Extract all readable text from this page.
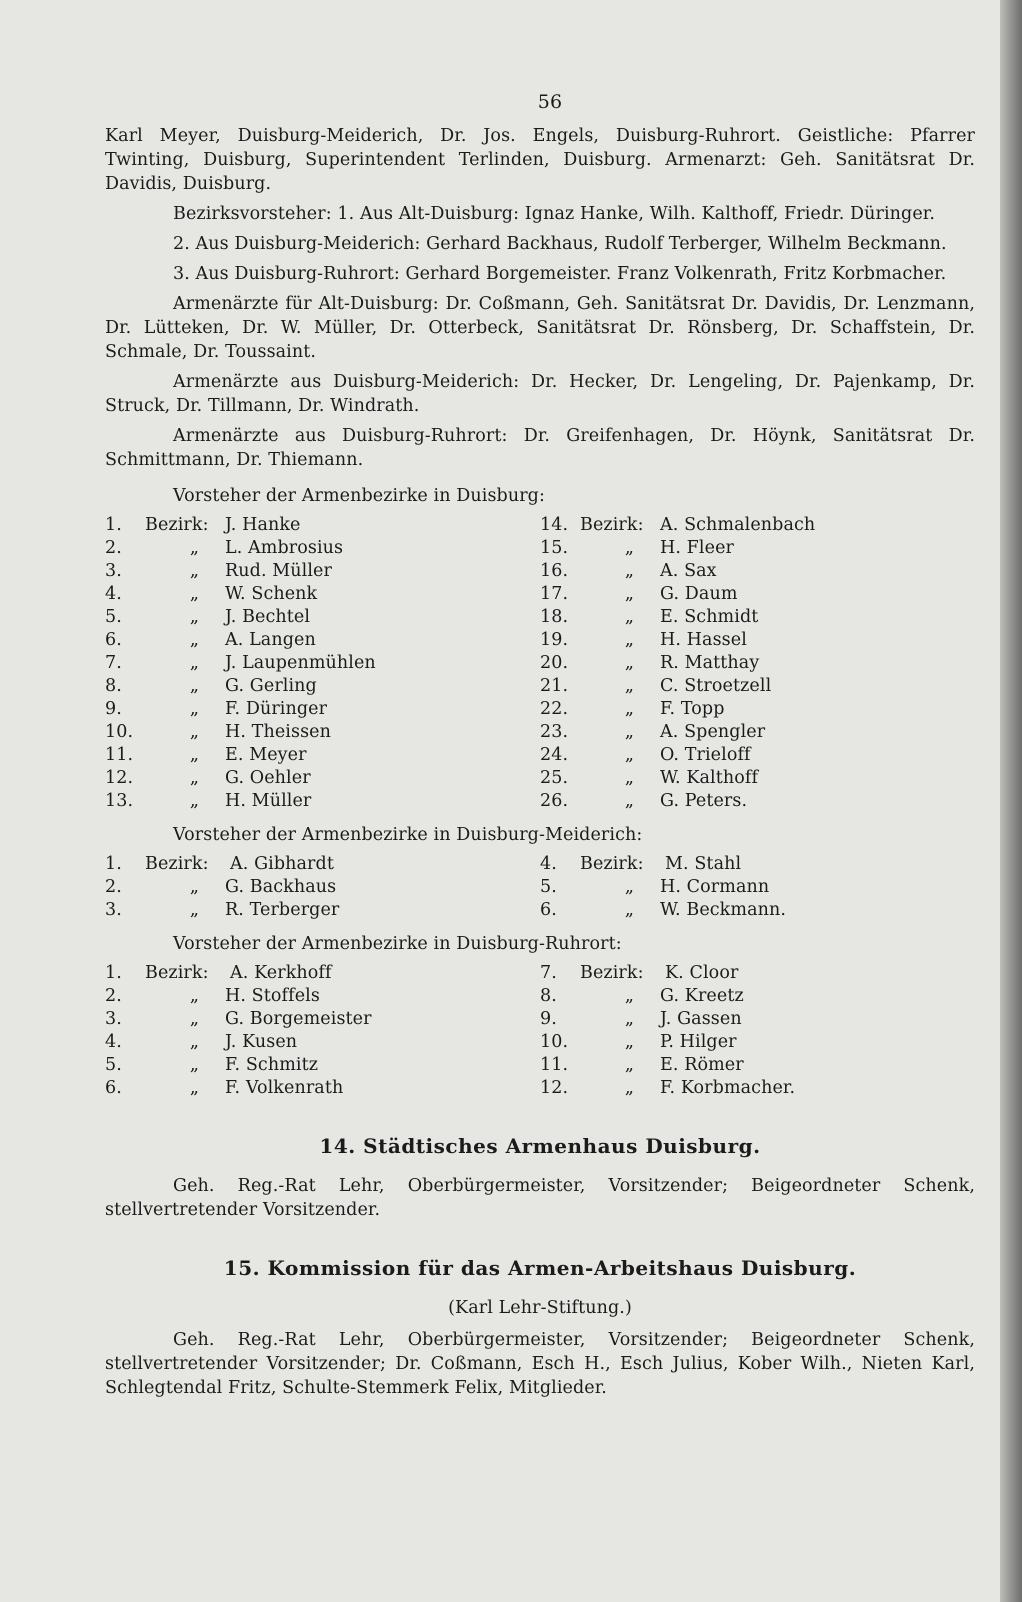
56

Karl Meyer, Duisburg-Meiderich, Dr. Jos. Engels, Duisburg-Ruhrort. Geistliche: Pfarrer Twinting, Duisburg, Superintendent Terlinden, Duisburg. Armenarzt: Geh. Sanitätsrat Dr. Davidis, Duisburg.

Bezirksvorsteher: 1. Aus Alt-Duisburg: Ignaz Hanke, Wilh. Kalthoff, Friedr. Düringer.

2. Aus Duisburg-Meiderich: Gerhard Backhaus, Rudolf Terberger, Wilhelm Beckmann.

3. Aus Duisburg-Ruhrort: Gerhard Borgemeister. Franz Volkenrath, Fritz Korbmacher.

Armenärzte für Alt-Duisburg: Dr. Coßmann, Geh. Sanitätsrat Dr. Davidis, Dr. Lenzmann, Dr. Lütteken, Dr. W. Müller, Dr. Otterbeck, Sanitätsrat Dr. Rönsberg, Dr. Schaffstein, Dr. Schmale, Dr. Toussaint.

Armenärzte aus Duisburg-Meiderich: Dr. Hecker, Dr. Lengeling, Dr. Pajenkamp, Dr. Struck, Dr. Tillmann, Dr. Windrath.

Armenärzte aus Duisburg-Ruhrort: Dr. Greifenhagen, Dr. Höynk, Sanitätsrat Dr. Schmittmann, Dr. Thiemann.

Vorsteher der Armenbezirke in Duisburg:

1.	Bezirk: J. Hanke
2.	„	L. Ambrosius
3.	„	Rud. Müller
4.	„	W. Schenk
5.	„	J. Bechtel
6.	„	A. Langen
7.	„	J. Laupenmühlen
8.	„	G. Gerling
9.	„	F. Düringer
10.	„	H. Theissen
11.	„	E. Meyer
12.	„	G. Oehler
13.	„	H. Müller
14. Bezirk: A. Schmalenbach
15.	„	H. Fleer
16.	„	A. Sax
17.	„	G. Daum
18.	„	E. Schmidt
19.	„	H. Hassel
20.	„	R. Matthay
21.	„	C. Stroetzell
22.	„	F. Topp
23.	„	A. Spengler
24.	„	O. Trieloff
25.	„	W. Kalthoff
26.	„	G. Peters.

Vorsteher der Armenbezirke in Duisburg-Meiderich:

1.	Bezirk:	A. Gibhardt
2.	„	G. Backhaus
3.	„	R. Terberger
4.	Bezirk:	M. Stahl
5.	„	H. Cormann
6.	„	W. Beckmann.

Vorsteher der Armenbezirke in Duisburg-Ruhrort:

1.	Bezirk:	A. Kerkhoff
2.	„	H. Stoffels
3.	„	G. Borgemeister
4.	„	J. Kusen
5.	„	F. Schmitz
6.	„	F. Volkenrath
7.	Bezirk:	K. Cloor
8.	„	G. Kreetz
9.	„	J. Gassen
10.	„	P. Hilger
11.	„	E. Römer
12.	„	F. Korbmacher.
14. Städtisches Armenhaus Duisburg.

Geh. Reg.-Rat Lehr, Oberbürgermeister, Vorsitzender; Beigeordneter Schenk, stellvertretender Vorsitzender.

15. Kommission für das Armen-Arbeitshaus Duisburg.
(Karl Lehr-Stiftung.)

Geh. Reg.-Rat Lehr, Oberbürgermeister, Vorsitzender; Beigeordneter Schenk, stellvertretender Vorsitzender; Dr. Coßmann, Esch H., Esch Julius, Kober Wilh., Nieten Karl, Schlegtendal Fritz, Schulte-Stemmerk Felix, Mitglieder.
